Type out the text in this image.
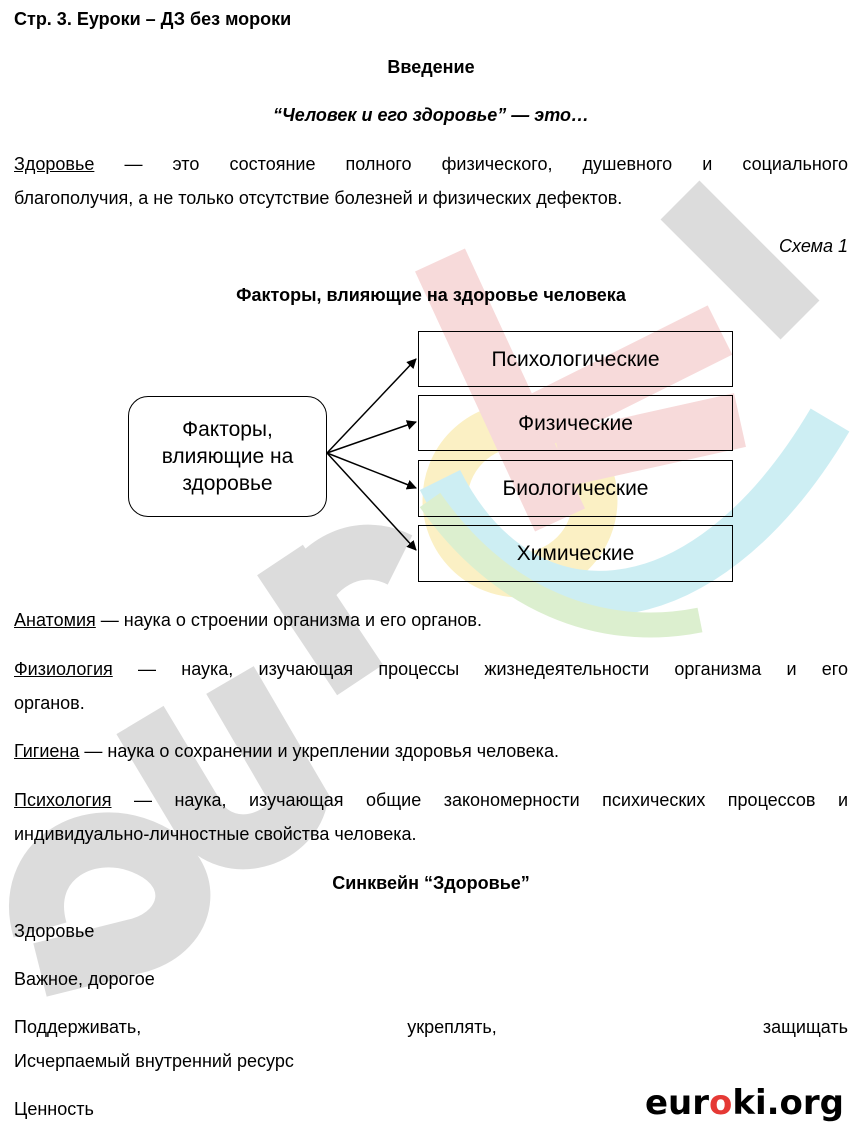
Стр. 3. Еуроки – ДЗ без мороки

Введение

“Человек и его здоровье” — это…

Здоровье — это состояние полного физического, душевного и социального

благополучия, а не только отсутствие болезней и физических дефектов.

Схема 1

Факторы, влияющие на здоровье человека

Факторы,
влияющие на
здоровье
Психологические
Физические
Биологические
Химические

Анатомия — наука о строении организма и его органов.

Физиология — наука, изучающая процессы жизнедеятельности организма и его

органов.

Гигиена — наука о сохранении и укреплении здоровья человека.

Психология — наука, изучающая общие закономерности психических процессов и

индивидуально-личностные свойства человека.

Синквейн “Здоровье”

Здоровье

Важное, дорогое

Поддерживать,	укреплять,	защищать

Исчерпаемый внутренний ресурс

Ценность	euroki.org
